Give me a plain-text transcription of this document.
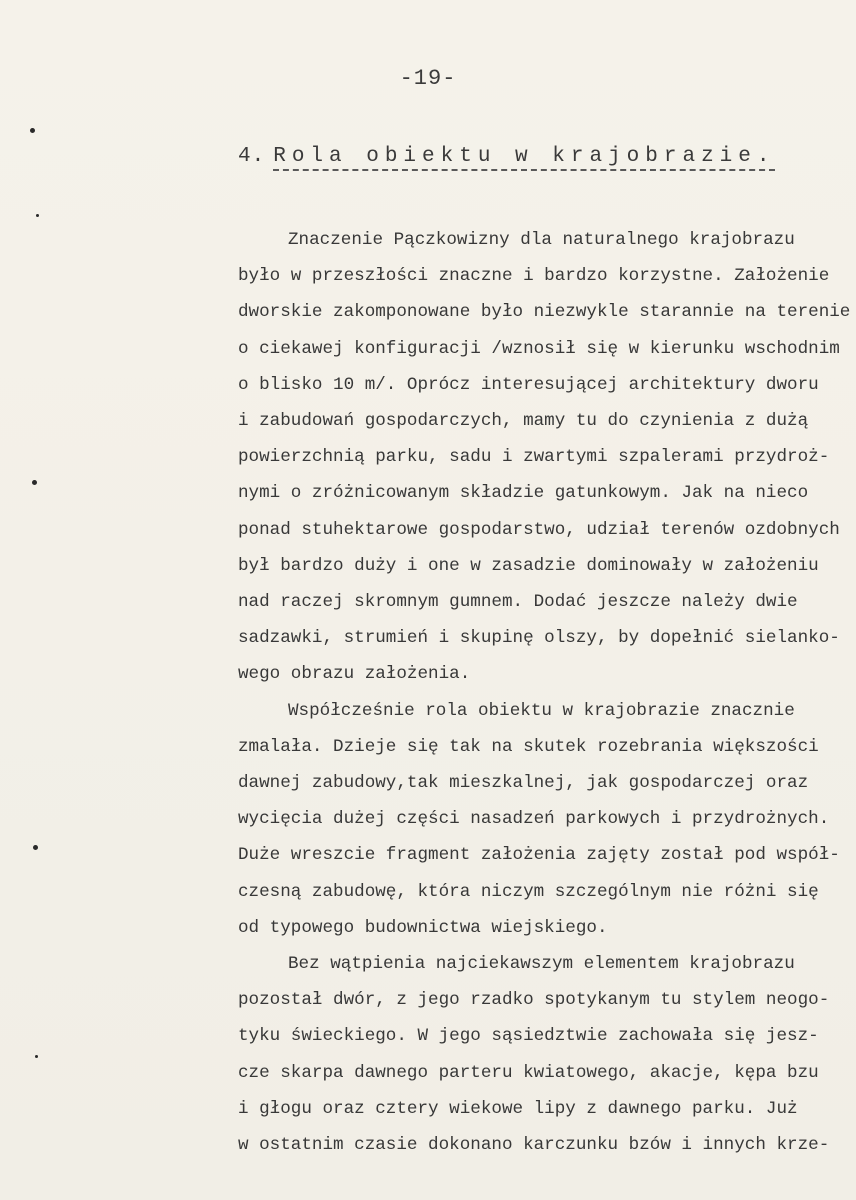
-19-
4. Rola obiektu w krajobrazie.
Znaczenie Pączkowizny dla naturalnego krajobrazu
było w przeszłości znaczne i bardzo korzystne. Założenie
dworskie zakomponowane było niezwykle starannie na terenie
o ciekawej konfiguracji /wznosił się w kierunku wschodnim
o blisko 10 m/. Oprócz interesującej architektury dworu
i zabudowań gospodarczych, mamy tu do czynienia z dużą
powierzchnią parku, sadu i zwartymi szpalerami przydroż-
nymi o zróżnicowanym składzie gatunkowym. Jak na nieco
ponad stuhektarowe gospodarstwo, udział terenów ozdobnych
był bardzo duży i one w zasadzie dominowały w założeniu
nad raczej skromnym gumnem. Dodać jeszcze należy dwie
sadzawki, strumień i skupinę olszy, by dopełnić sielanko-
wego obrazu założenia.
Współcześnie rola obiektu w krajobrazie znacznie
zmalała. Dzieje się tak na skutek rozebrania większości
dawnej zabudowy,tak mieszkalnej, jak gospodarczej oraz
wycięcia dużej części nasadzeń parkowych i przydrożnych.
Duże wreszcie fragment założenia zajęty został pod współ-
czesną zabudowę, która niczym szczególnym nie różni się
od typowego budownictwa wiejskiego.
Bez wątpienia najciekawszym elementem krajobrazu
pozostał dwór, z jego rzadko spotykanym tu stylem neogo-
tyku świeckiego. W jego sąsiedztwie zachowała się jesz-
cze skarpa dawnego parteru kwiatowego, akacje, kępa bzu
i głogu oraz cztery wiekowe lipy z dawnego parku. Już
w ostatnim czasie dokonano karczunku bzów i innych krze-
